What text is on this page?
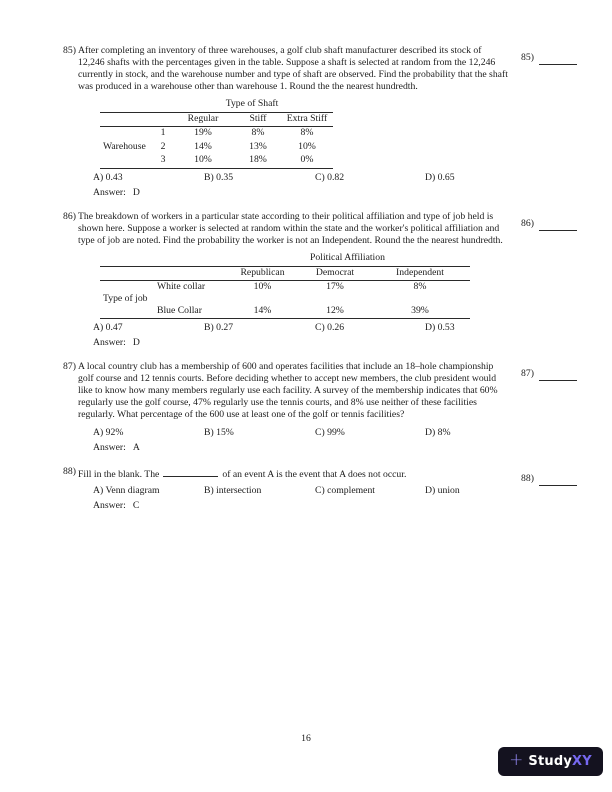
85) After completing an inventory of three warehouses, a golf club shaft manufacturer described its stock of 12,246 shafts with the percentages given in the table. Suppose a shaft is selected at random from the 12,246 currently in stock, and the warehouse number and type of shaft are observed. Find the probability that the shaft was produced in a warehouse other than warehouse 1. Round the the nearest hundredth.

		Type of Shaft		
		Regular	Stiff	Extra Stiff
Warehouse	1	19%	8%	8%
	2	14%	13%	10%
	3	10%	18%	0%
A) 0.43	B) 0.35	C) 0.82	D) 0.65
Answer: D
85)
86) The breakdown of workers in a particular state according to their political affiliation and type of job held is shown here. Suppose a worker is selected at random within the state and the worker's political affiliation and type of job are noted. Find the probability the worker is not an Independent. Round the the nearest hundredth.

		Political Affiliation		
		Republican	Democrat	Independent
Type of job	White collar	10%	17%	8%
	Blue Collar	14%	12%	39%
A) 0.47	B) 0.27	C) 0.26	D) 0.53
Answer: D
86)
87) A local country club has a membership of 600 and operates facilities that include an 18–hole championship golf course and 12 tennis courts. Before deciding whether to accept new members, the club president would like to know how many members regularly use each facility. A survey of the membership indicates that 60% regularly use the golf course, 47% regularly use the tennis courts, and 8% use neither of these facilities regularly. What percentage of the 600 use at least one of the golf or tennis facilities?

A) 92%	B) 15%	C) 99%	D) 8%
Answer: A
87)
88) Fill in the blank. The	of an event A is the event that A does not occur.

A) Venn diagram	B) intersection	C) complement	D) union
Answer: C
88)
16
+ Study XY
